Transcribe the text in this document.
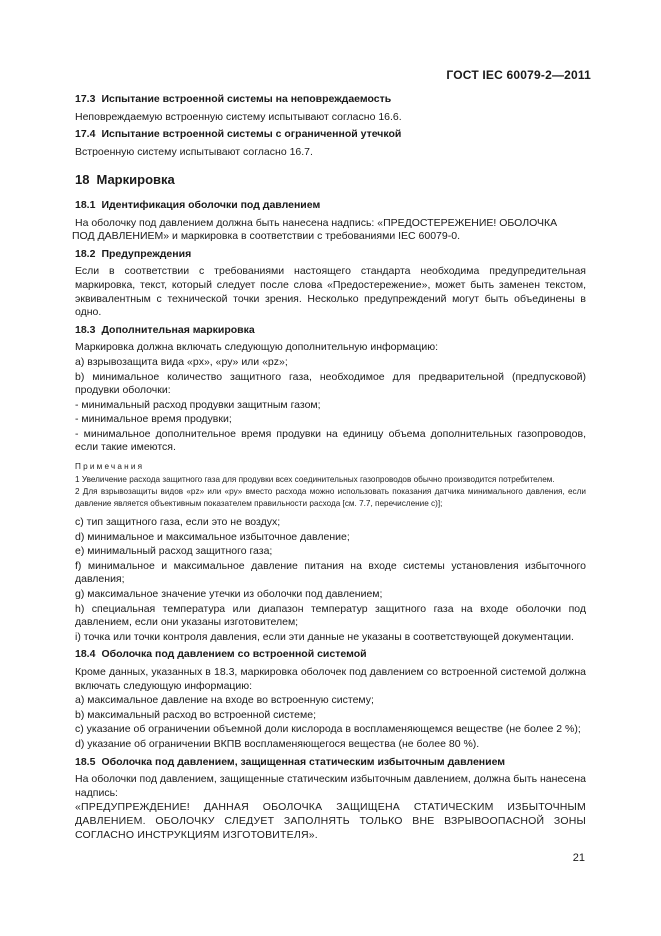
ГОСТ IEC 60079-2—2011
17.3 Испытание встроенной системы на неповреждаемость
Неповреждаемую встроенную систему испытывают согласно 16.6.
17.4 Испытание встроенной системы с ограниченной утечкой
Встроенную систему испытывают согласно 16.7.
18 Маркировка
18.1 Идентификация оболочки под давлением
На оболочку под давлением должна быть нанесена надпись: «ПРЕДОСТЕРЕЖЕНИЕ! ОБОЛОЧКА
ПОД ДАВЛЕНИЕМ» и маркировка в соответствии с требованиями IEC 60079-0.
18.2 Предупреждения
Если в соответствии с требованиями настоящего стандарта необходима предупредительная маркировка, текст, который следует после слова «Предостережение», может быть заменен текстом, эквивалентным с технической точки зрения. Несколько предупреждений могут быть объединены в одно.
18.3 Дополнительная маркировка
Маркировка должна включать следующую дополнительную информацию:
a) взрывозащита вида «px», «py» или «pz»;
b) минимальное количество защитного газа, необходимое для предварительной (предпусковой) продувки оболочки:
- минимальный расход продувки защитным газом;
- минимальное время продувки;
- минимальное дополнительное время продувки на единицу объема дополнительных газопроводов, если такие имеются.
Примечания
1 Увеличение расхода защитного газа для продувки всех соединительных газопроводов обычно производится потребителем.
2 Для взрывозащиты видов «pz» или «py» вместо расхода можно использовать показания датчика минимального давления, если давление является объективным показателем правильности расхода [см. 7.7, перечисление c)];
c) тип защитного газа, если это не воздух;
d) минимальное и максимальное избыточное давление;
e) минимальный расход защитного газа;
f) минимальное и максимальное давление питания на входе системы установления избыточного давления;
g) максимальное значение утечки из оболочки под давлением;
h) специальная температура или диапазон температур защитного газа на входе оболочки под давлением, если они указаны изготовителем;
i) точка или точки контроля давления, если эти данные не указаны в соответствующей документации.
18.4 Оболочка под давлением со встроенной системой
Кроме данных, указанных в 18.3, маркировка оболочек под давлением со встроенной системой должна включать следующую информацию:
a) максимальное давление на входе во встроенную систему;
b) максимальный расход во встроенной системе;
c) указание об ограничении объемной доли кислорода в воспламеняющемся веществе (не более 2 %);
d) указание об ограничении ВКПВ воспламеняющегося вещества (не более 80 %).
18.5 Оболочка под давлением, защищенная статическим избыточным давлением
На оболочки под давлением, защищенные статическим избыточным давлением, должна быть нанесена надпись:
«ПРЕДУПРЕЖДЕНИЕ! ДАННАЯ ОБОЛОЧКА ЗАЩИЩЕНА СТАТИЧЕСКИМ ИЗБЫТОЧНЫМ ДАВЛЕНИЕМ. ОБОЛОЧКУ СЛЕДУЕТ ЗАПОЛНЯТЬ ТОЛЬКО ВНЕ ВЗРЫВООПАСНОЙ ЗОНЫ СОГЛАСНО ИНСТРУКЦИЯМ ИЗГОТОВИТЕЛЯ».
21
